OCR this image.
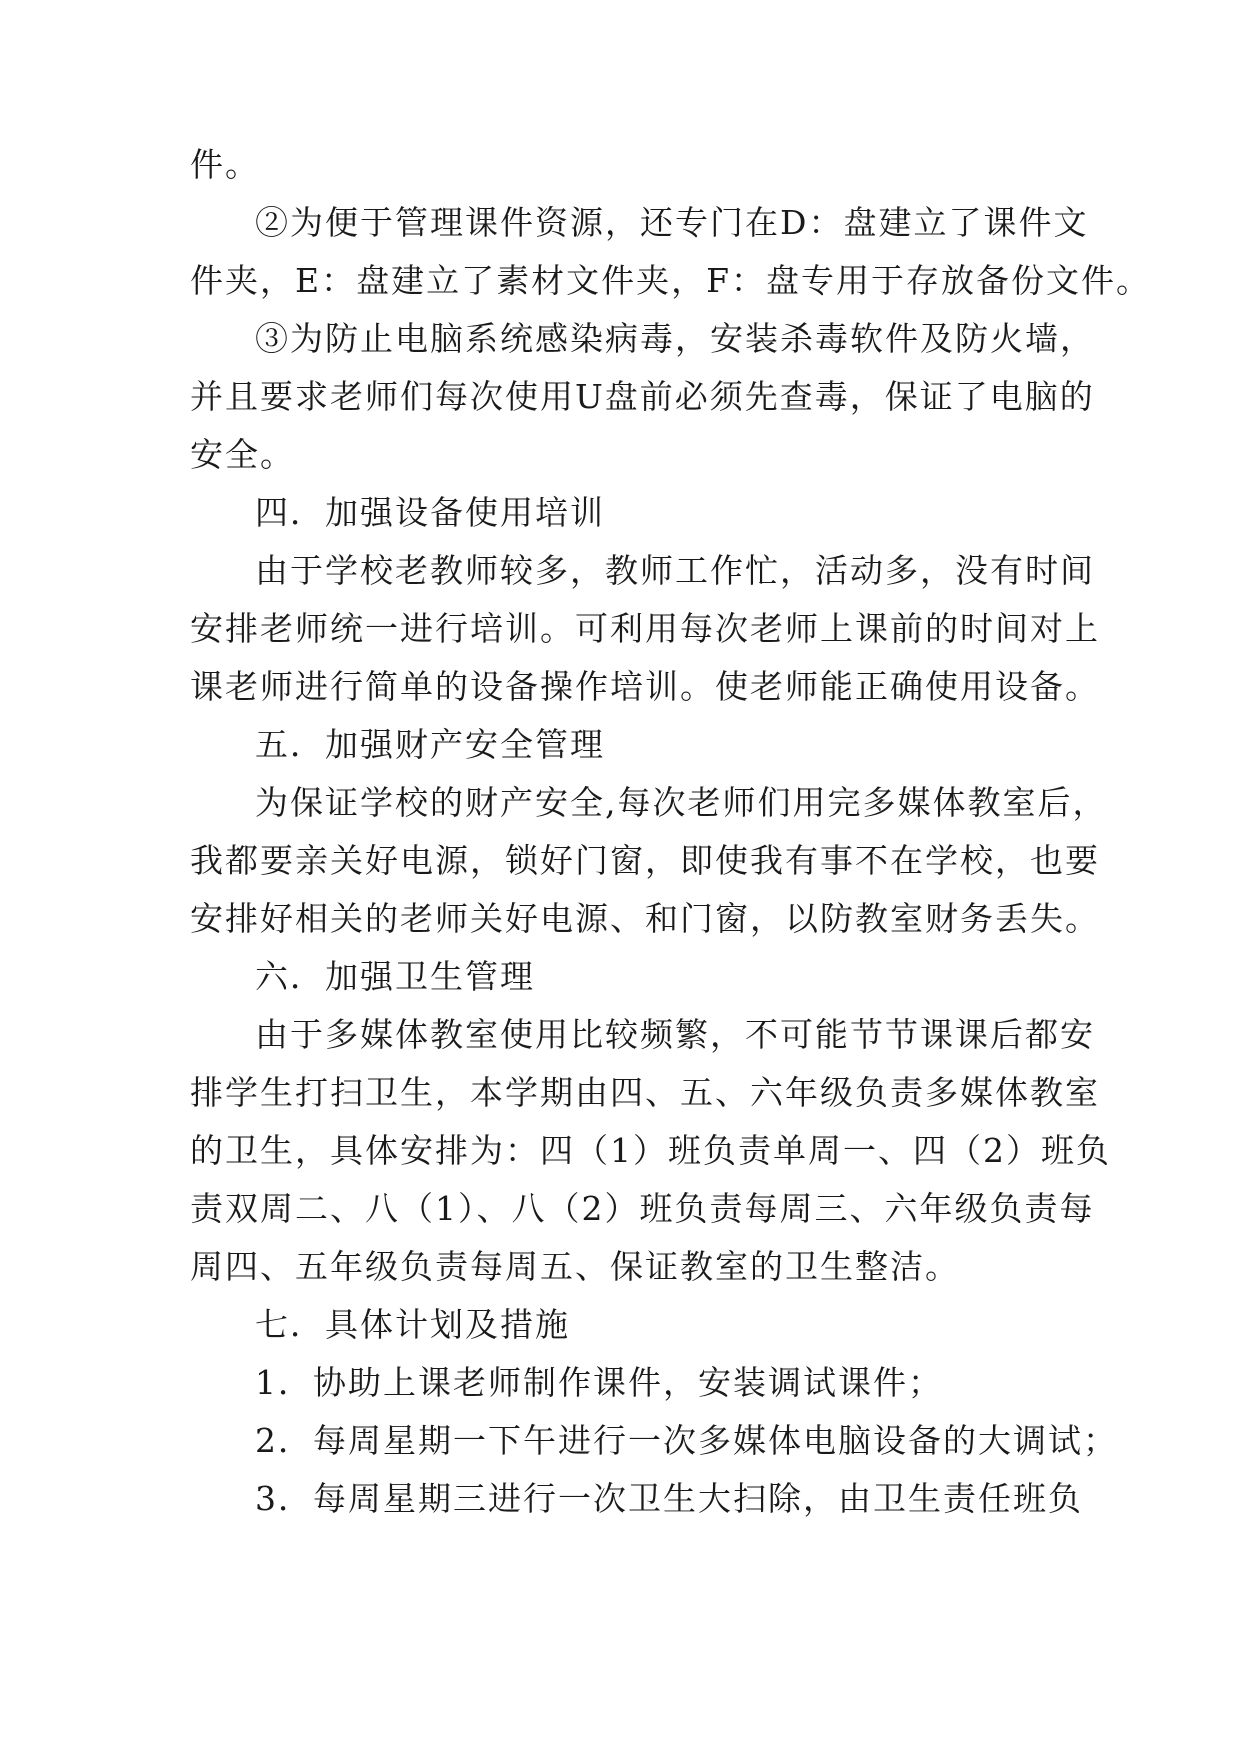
件。
②为便于管理课件资源，还专门在D：盘建立了课件文
件夹，E：盘建立了素材文件夹，F：盘专用于存放备份文件。
③为防止电脑系统感染病毒，安装杀毒软件及防火墙，
并且要求老师们每次使用U盘前必须先查毒，保证了电脑的
安全。
四．加强设备使用培训
由于学校老教师较多，教师工作忙，活动多，没有时间
安排老师统一进行培训。可利用每次老师上课前的时间对上
课老师进行简单的设备操作培训。使老师能正确使用设备。
五．加强财产安全管理
为保证学校的财产安全,每次老师们用完多媒体教室后，
我都要亲关好电源，锁好门窗，即使我有事不在学校，也要
安排好相关的老师关好电源、和门窗，以防教室财务丢失。
六．加强卫生管理
由于多媒体教室使用比较频繁，不可能节节课课后都安
排学生打扫卫生，本学期由四、五、六年级负责多媒体教室
的卫生，具体安排为：四（1）班负责单周一、四（2）班负
责双周二、八（1）、八（2）班负责每周三、六年级负责每
周四、五年级负责每周五、保证教室的卫生整洁。
七．具体计划及措施
1．协助上课老师制作课件，安装调试课件；
2．每周星期一下午进行一次多媒体电脑设备的大调试；
3．每周星期三进行一次卫生大扫除，由卫生责任班负
